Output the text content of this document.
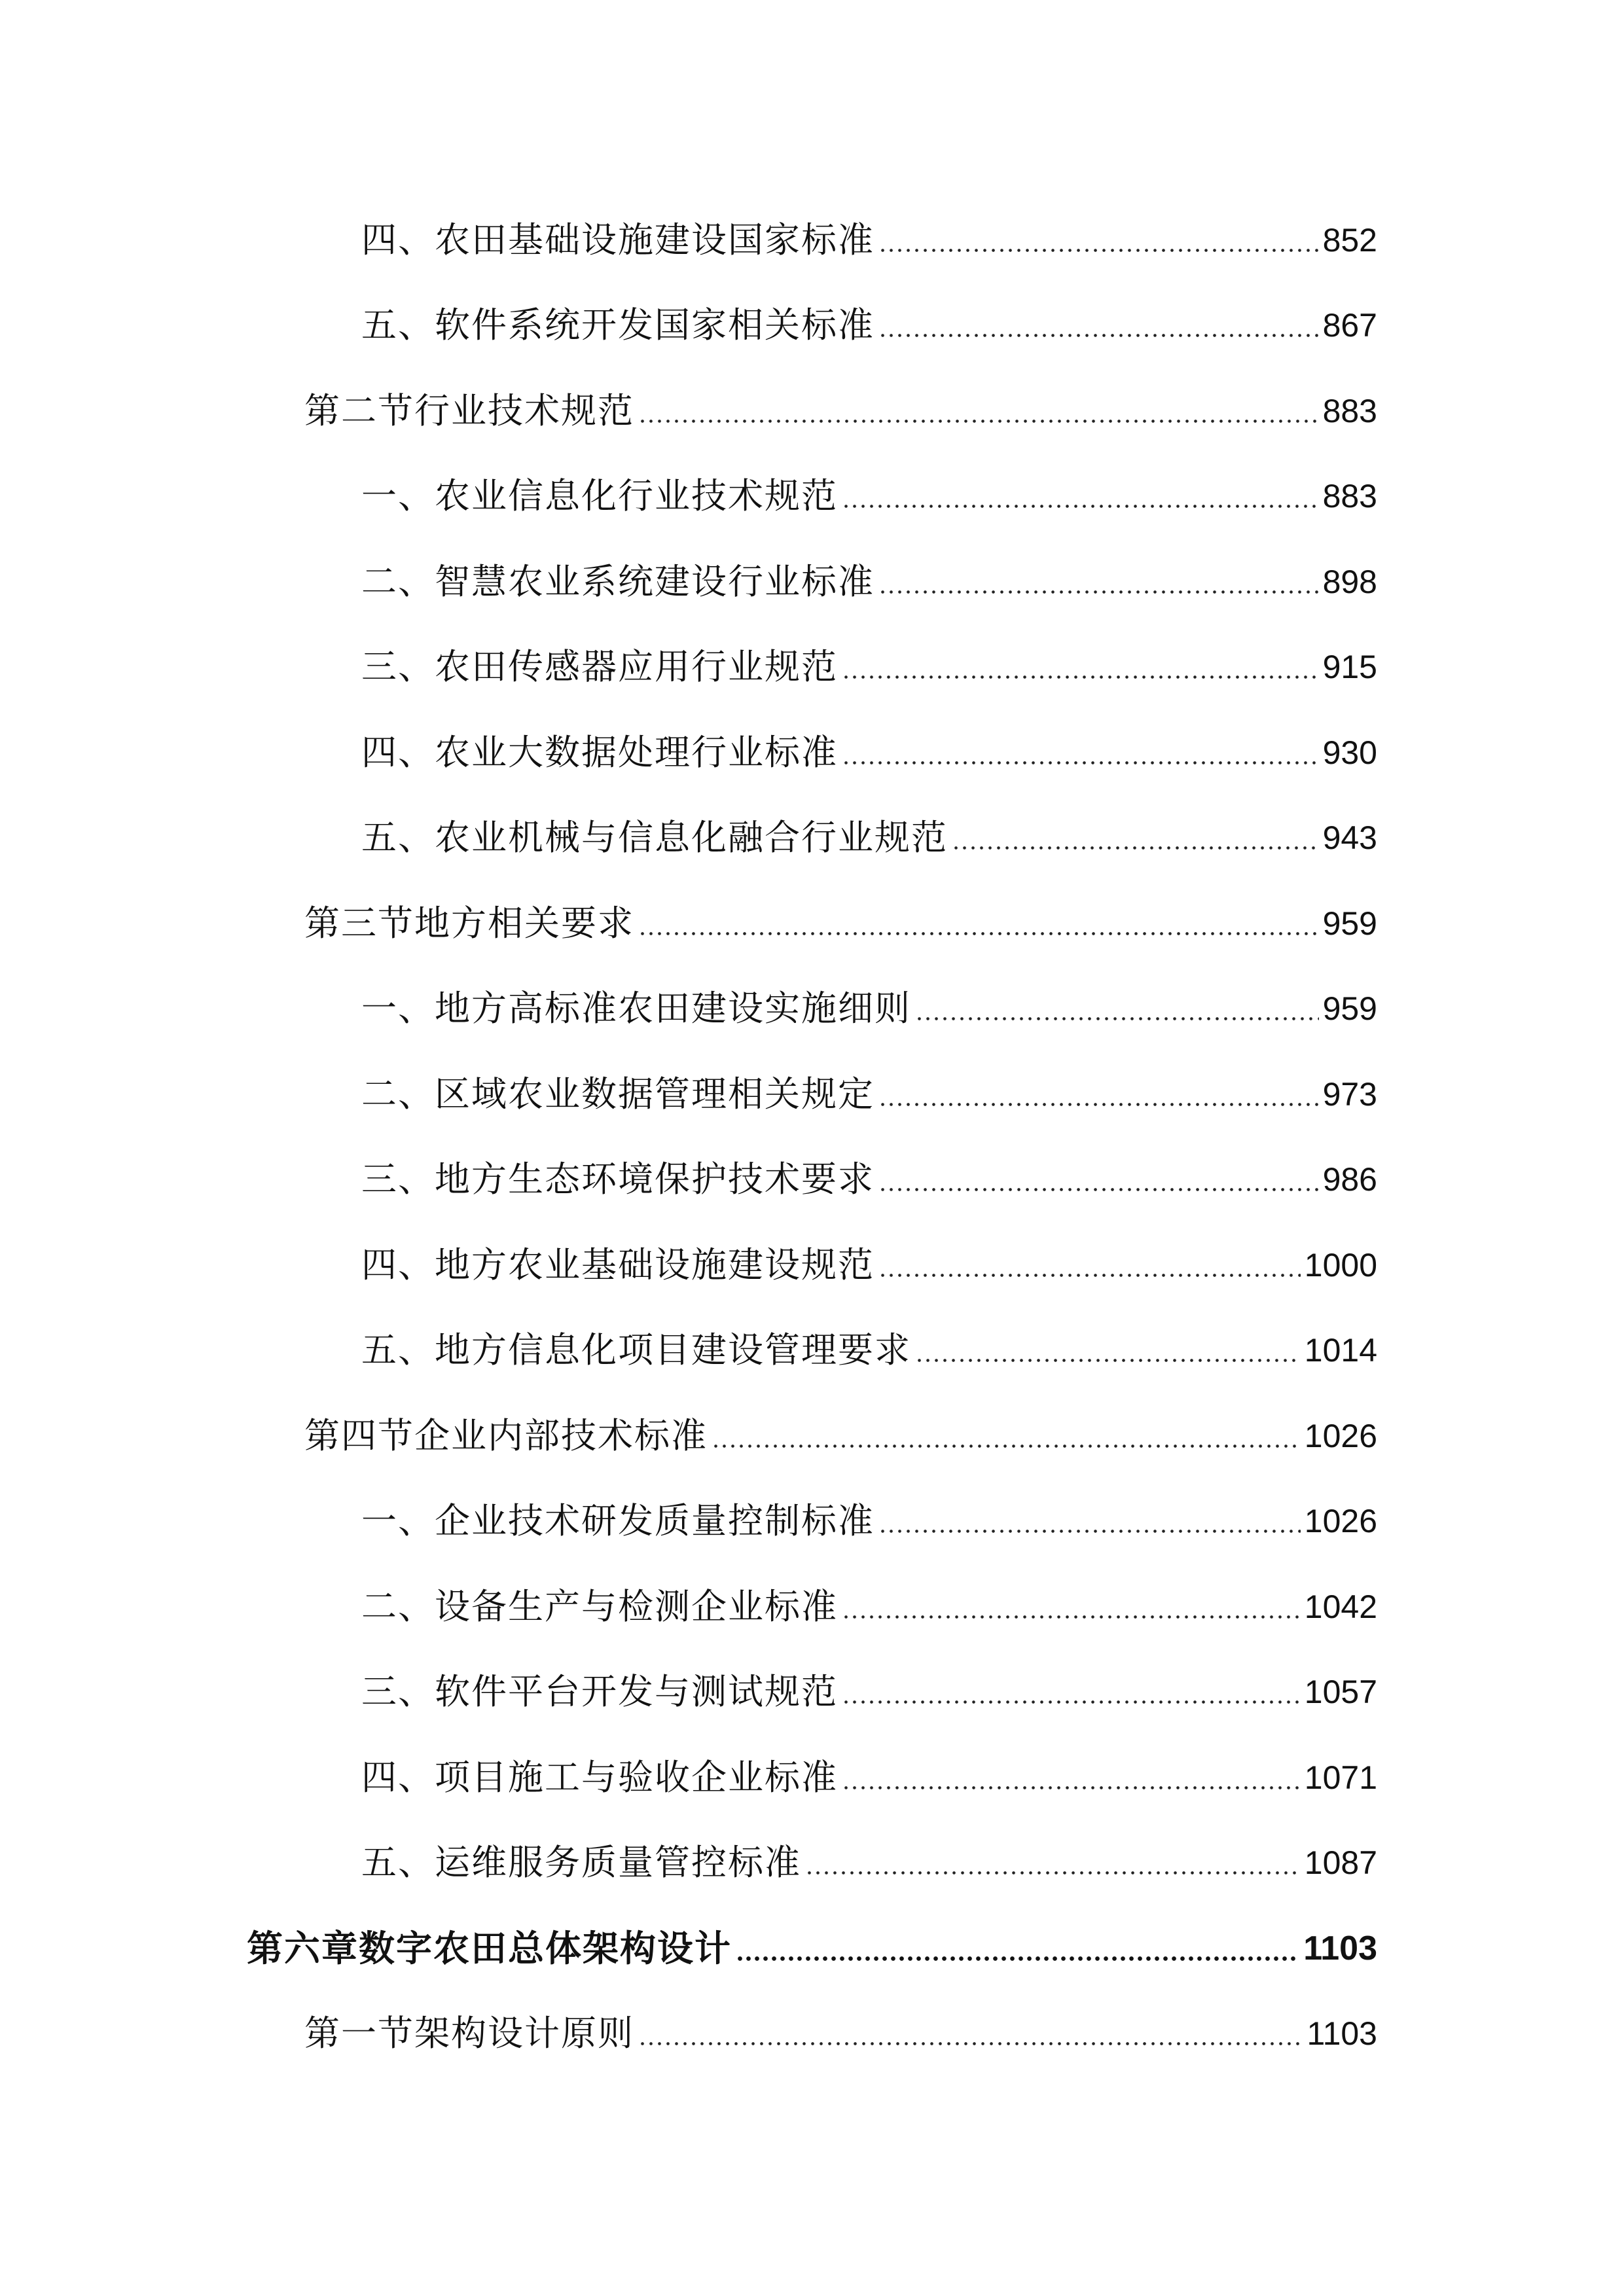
四、农田基础设施建设国家标准	852
五、软件系统开发国家相关标准	867
第二节行业技术规范	883
一、农业信息化行业技术规范	883
二、智慧农业系统建设行业标准	898
三、农田传感器应用行业规范	915
四、农业大数据处理行业标准	930
五、农业机械与信息化融合行业规范	943
第三节地方相关要求	959
一、地方高标准农田建设实施细则	959
二、区域农业数据管理相关规定	973
三、地方生态环境保护技术要求	986
四、地方农业基础设施建设规范	1000
五、地方信息化项目建设管理要求	1014
第四节企业内部技术标准	1026
一、企业技术研发质量控制标准	1026
二、设备生产与检测企业标准	1042
三、软件平台开发与测试规范	1057
四、项目施工与验收企业标准	1071
五、运维服务质量管控标准	1087
第六章数字农田总体架构设计	1103
第一节架构设计原则	1103
